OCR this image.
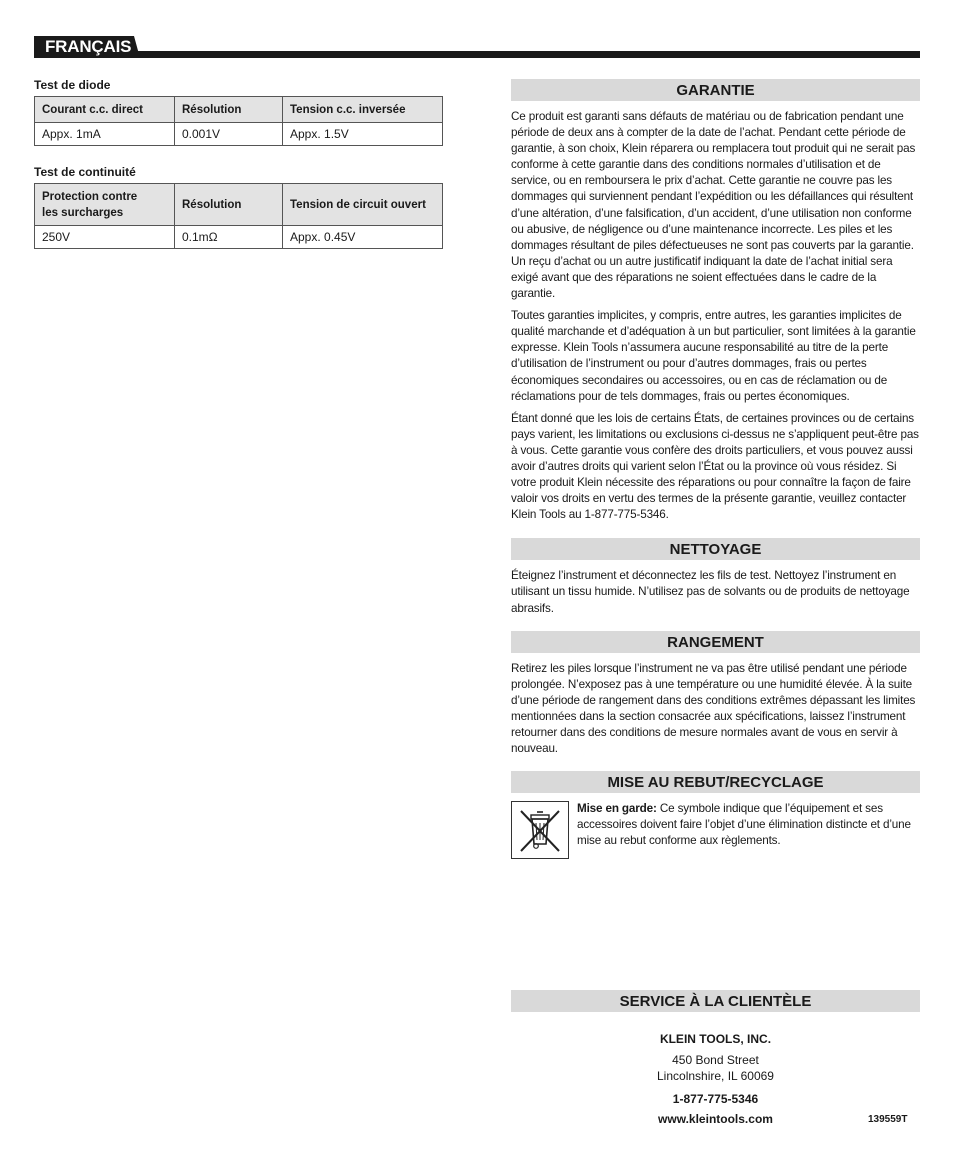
FRANÇAIS

Test de diode

Courant c.c. direct	Résolution	Tension c.c. inversée
Appx. 1mA	0.001V	Appx. 1.5V

Test de continuité

Protection contre
les surcharges	Résolution	Tension de circuit ouvert
250V	0.1mΩ	Appx. 0.45V
GARANTIE

Ce produit est garanti sans défauts de matériau ou de fabrication pendant une période de deux ans à compter de la date de l’achat. Pendant cette période de garantie, à son choix, Klein réparera ou remplacera tout produit qui ne serait pas conforme à cette garantie dans des conditions normales d’utilisation et de service, ou en remboursera le prix d’achat. Cette garantie ne couvre pas les dommages qui surviennent pendant l’expédition ou les défaillances qui résultent d’une altération, d’une falsification, d’un accident, d’une utilisation non conforme ou abusive, de négligence ou d’une maintenance incorrecte. Les piles et les dommages résultant de piles défectueuses ne sont pas couverts par la garantie. Un reçu d’achat ou un autre justificatif indiquant la date de l’achat initial sera exigé avant que des réparations ne soient effectuées dans le cadre de la garantie.

Toutes garanties implicites, y compris, entre autres, les garanties implicites de qualité marchande et d’adéquation à un but particulier, sont limitées à la garantie expresse. Klein Tools n’assumera aucune responsabilité au titre de la perte d’utilisation de l’instrument ou pour d’autres dommages, frais ou pertes économiques secondaires ou accessoires, ou en cas de réclamation ou de réclamations pour de tels dommages, frais ou pertes économiques.

Étant donné que les lois de certains États, de certaines provinces ou de certains pays varient, les limitations ou exclusions ci-dessus ne s’appliquent peut-être pas à vous. Cette garantie vous confère des droits particuliers, et vous pouvez aussi avoir d’autres droits qui varient selon l’État ou la province où vous résidez. Si votre produit Klein nécessite des réparations ou pour connaître la façon de faire valoir vos droits en vertu des termes de la présente garantie, veuillez contacter Klein Tools au 1-877-775-5346.

NETTOYAGE

Éteignez l’instrument et déconnectez les fils de test. Nettoyez l’instrument en utilisant un tissu humide. N’utilisez pas de solvants ou de produits de nettoyage abrasifs.

RANGEMENT

Retirez les piles lorsque l’instrument ne va pas être utilisé pendant une période prolongée. N’exposez pas à une température ou une humidité élevée. À la suite d’une période de rangement dans des conditions extrêmes dépassant les limites mentionnées dans la section consacrée aux spécifications, laissez l’instrument retourner dans des conditions de mesure normales avant de vous en servir à nouveau.

MISE AU REBUT/RECYCLAGE

Mise en garde: Ce symbole indique que l’équipement et ses accessoires doivent faire l’objet d’une élimination distincte et d’une mise au rebut conforme aux règlements.

SERVICE À LA CLIENTÈLE
KLEIN TOOLS, INC.
450 Bond Street
Lincolnshire, IL 60069
1-877-775-5346
www.kleintools.com	139559T
